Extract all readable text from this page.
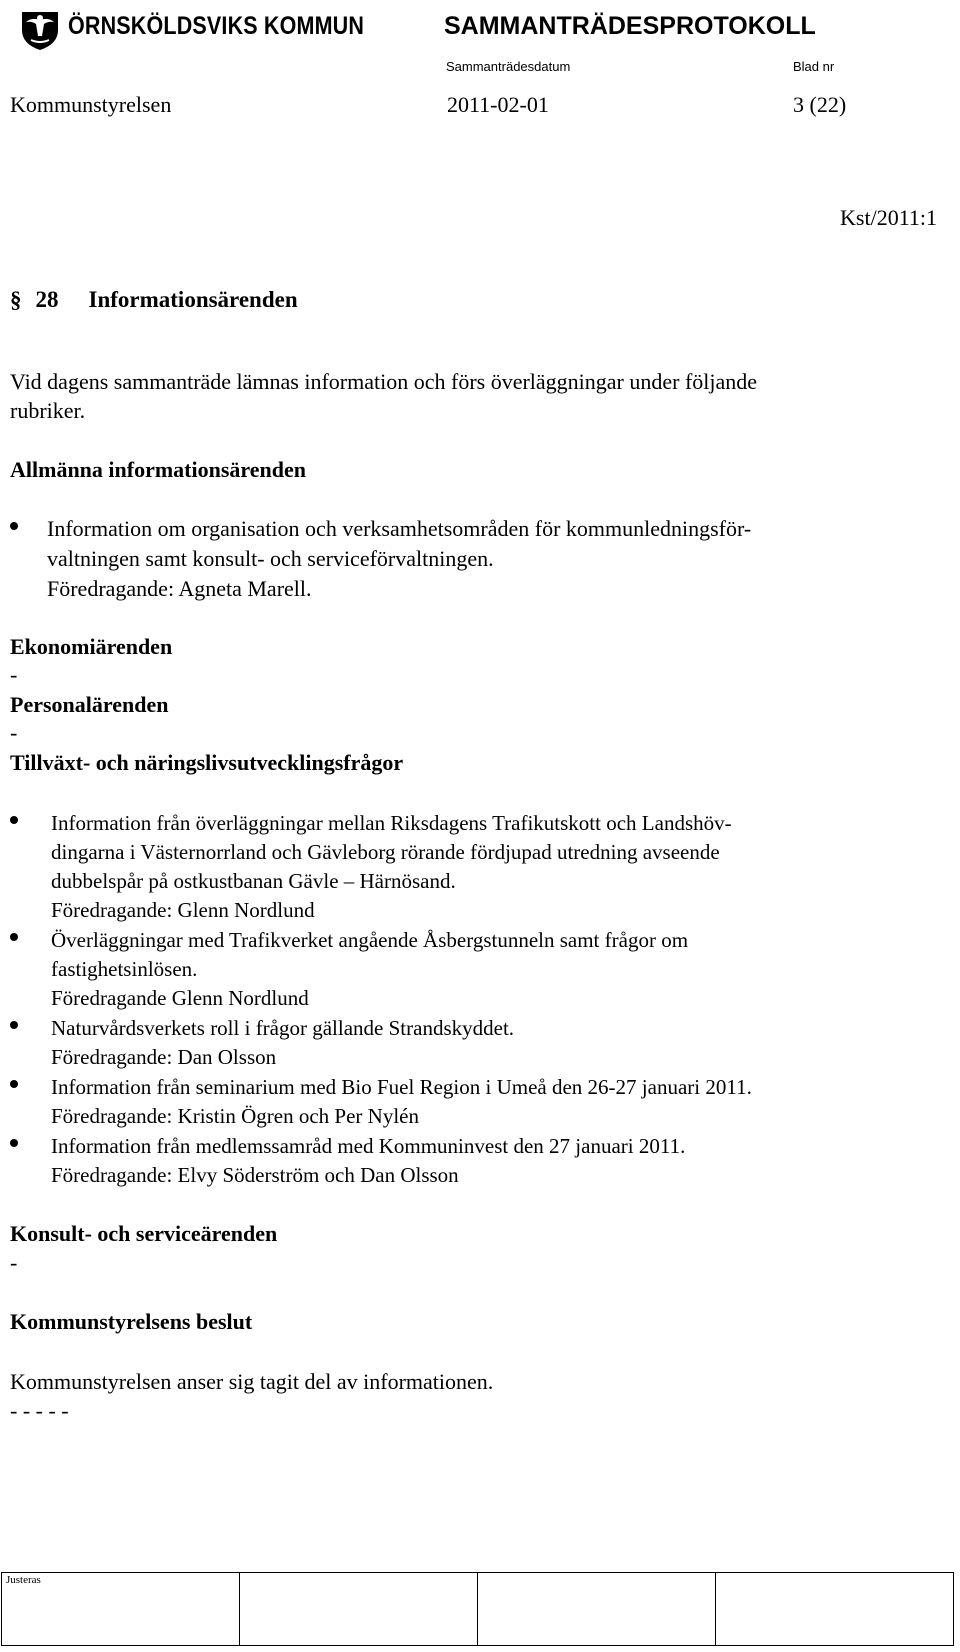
ÖRNSKÖLDSVIKS KOMMUN	SAMMANTRÄDESPROTOKOLL
Sammanträdesdatum	Blad nr
Kommunstyrelsen	2011-02-01	3 (22)
Kst/2011:1
§ 28 Informationsärenden
Vid dagens sammanträde lämnas information och förs överläggningar under följande
rubriker.
Allmänna informationsärenden
Information om organisation och verksamhetsområden för kommunledningsför-
valtningen samt konsult- och serviceförvaltningen.
Föredragande: Agneta Marell.
Ekonomiärenden
-
Personalärenden
-
Tillväxt- och näringslivsutvecklingsfrågor
Information från överläggningar mellan Riksdagens Trafikutskott och Landshöv-
dingarna i Västernorrland och Gävleborg rörande fördjupad utredning avseende
dubbelspår på ostkustbanan Gävle – Härnösand.
Föredragande: Glenn Nordlund
Överläggningar med Trafikverket angående Åsbergstunneln samt frågor om
fastighetsinlösen.
Föredragande Glenn Nordlund
Naturvårdsverkets roll i frågor gällande Strandskyddet.
Föredragande: Dan Olsson
Information från seminarium med Bio Fuel Region i Umeå den 26-27 januari 2011.
Föredragande: Kristin Ögren och Per Nylén
Information från medlemssamråd med Kommuninvest den 27 januari 2011.
Föredragande: Elvy Söderström och Dan Olsson
Konsult- och serviceärenden
-
Kommunstyrelsens beslut
Kommunstyrelsen anser sig tagit del av informationen.
- - - - -

Justeras
